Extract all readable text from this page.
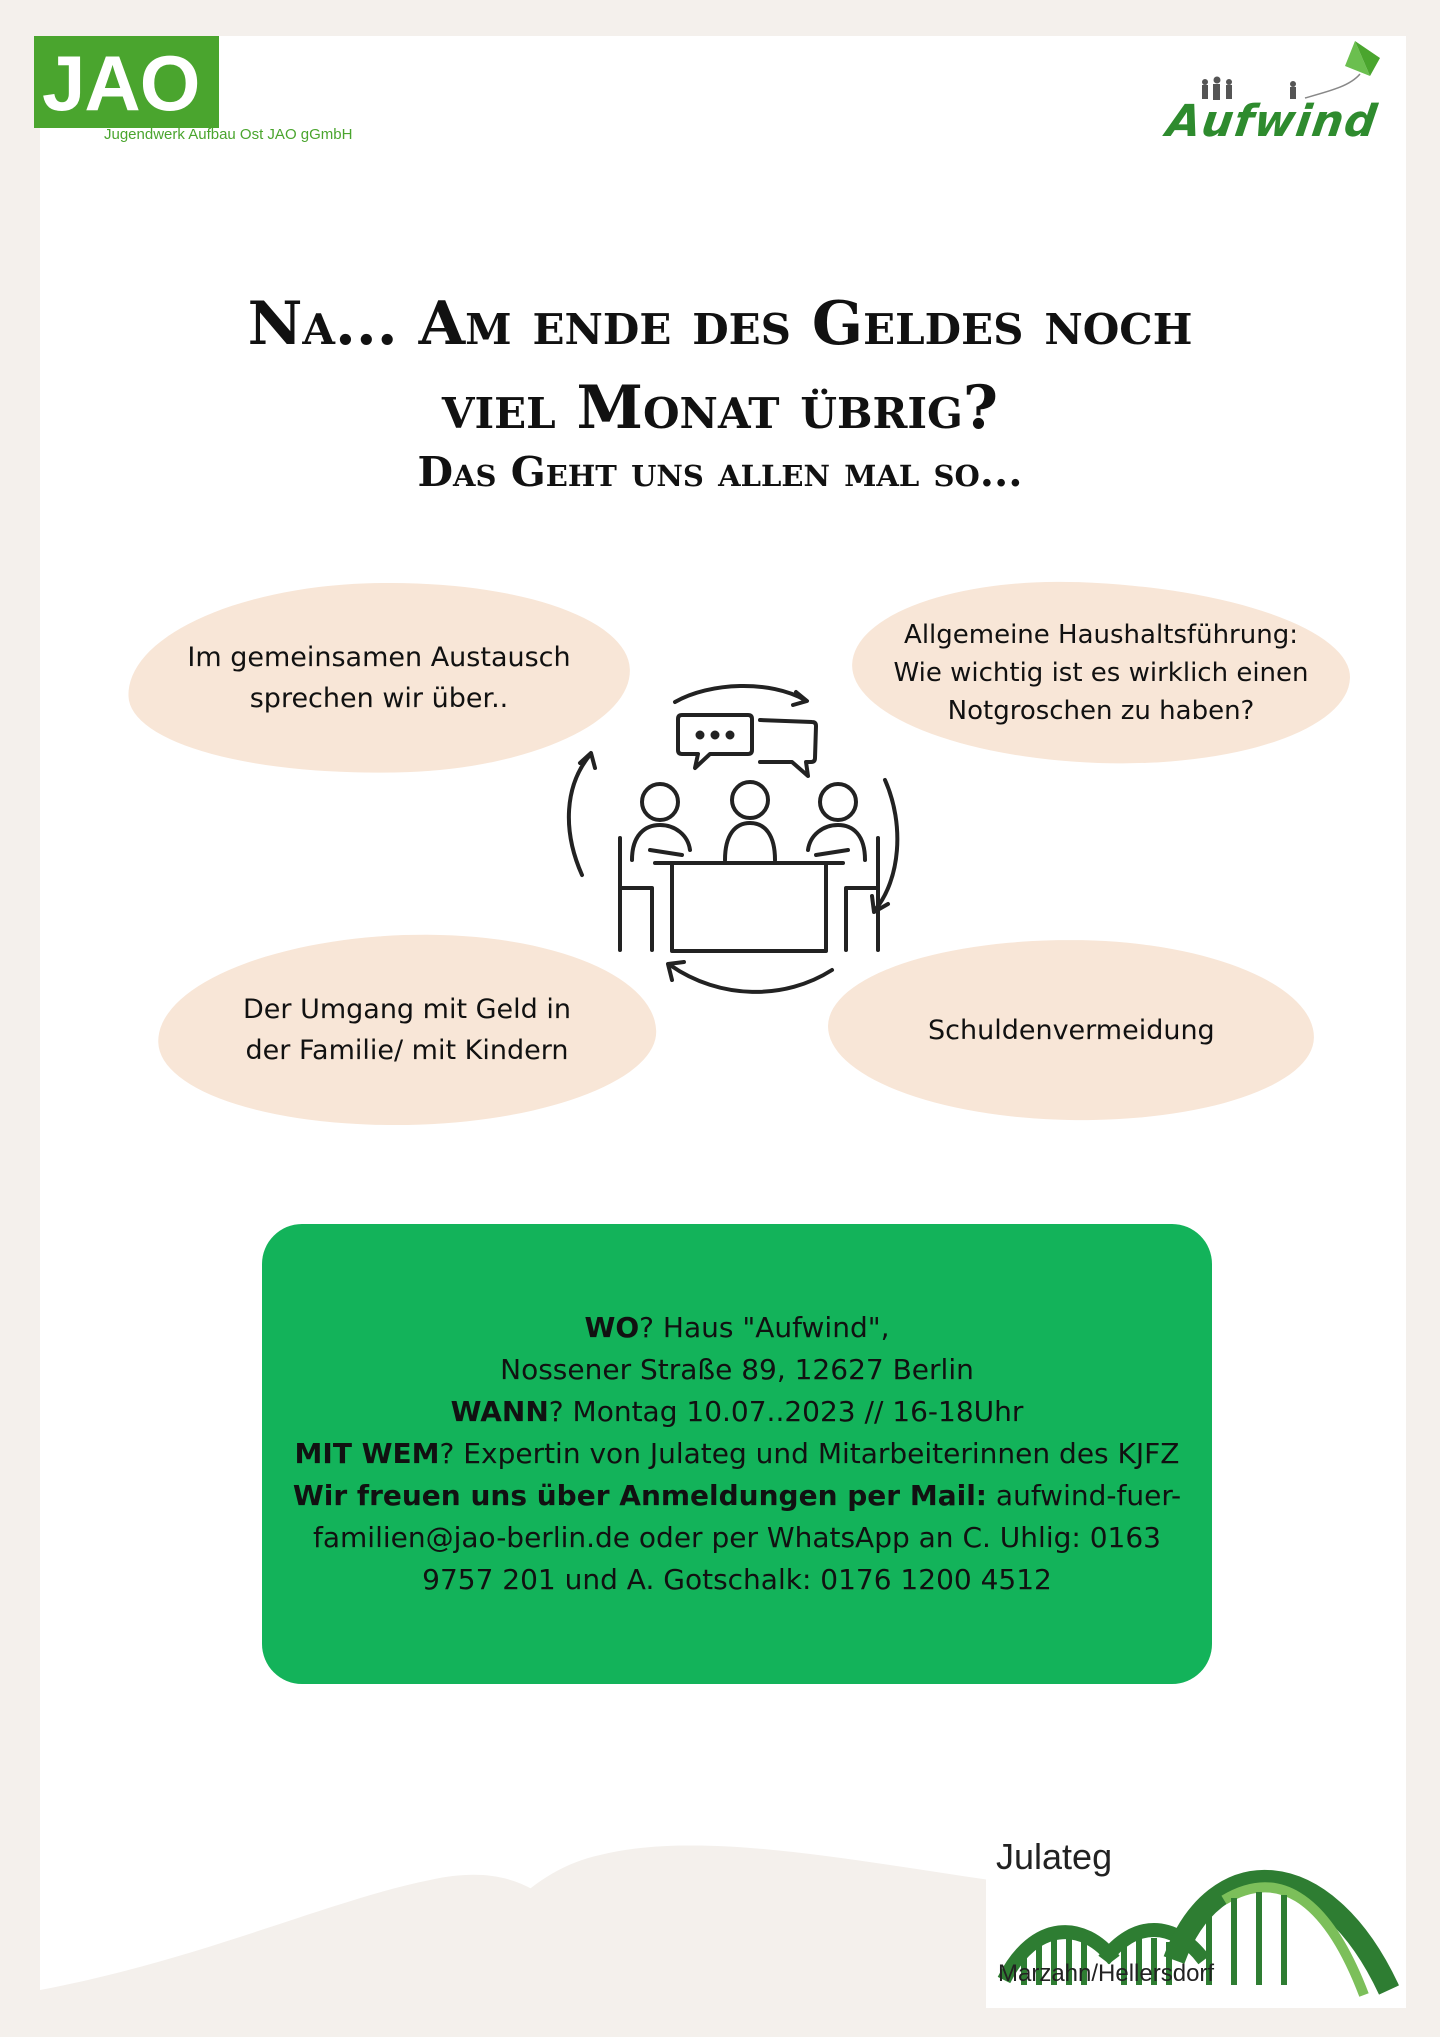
JAO
Jugendwerk Aufbau Ost JAO gGmbH	Aufwind
Na... Am ende des Geldes noch
viel Monat übrig?
Das Geht uns allen mal so...
Im gemeinsamen Austausch sprechen wir über..
Allgemeine Haushaltsführung: Wie wichtig ist es wirklich einen Notgroschen zu haben?
Der Umgang mit Geld in der Familie/ mit Kindern
Schuldenvermeidung
WO? Haus "Aufwind",
Nossener Straße 89, 12627 Berlin
WANN? Montag 10.07..2023 // 16-18Uhr
MIT WEM? Expertin von Julateg und Mitarbeiterinnen des KJFZ
Wir freuen uns über Anmeldungen per Mail: aufwind-fuer-familien@jao-berlin.de oder per WhatsApp an C. Uhlig: 0163 9757 201 und A. Gotschalk: 0176 1200 4512
Julateg
Marzahn/Hellersdorf
